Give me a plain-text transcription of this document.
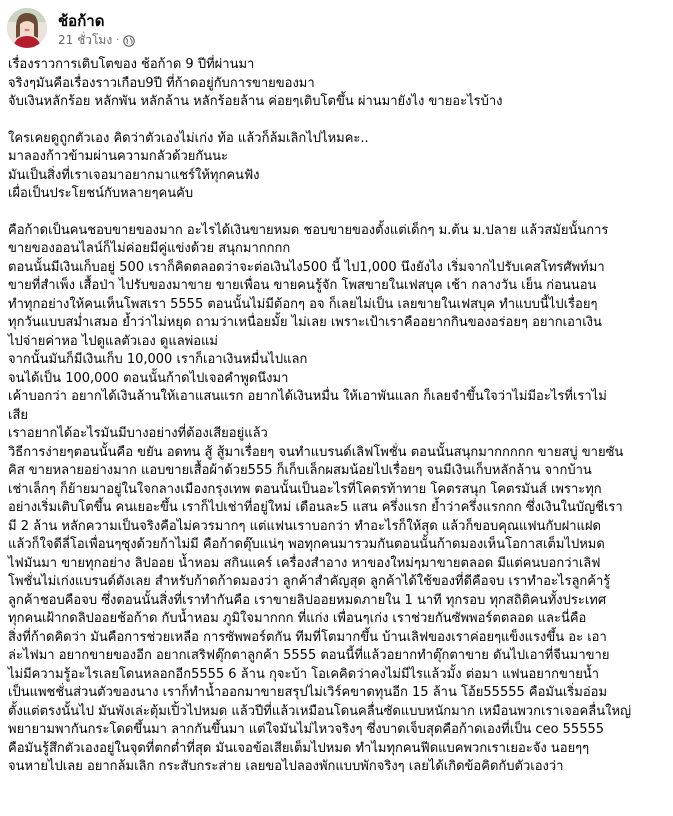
ช้อก้าด
21 ชั่วโมง ·

เรื่องราวการเติบโตของ ช้อก้าด 9 ปีที่ผ่านมา
จริงๆมันคือเรื่องราวเกือบ9ปี ที่ก้าดอยู่กับการขายของมา
จับเงินหลักร้อย หลักพัน หลักล้าน หลักร้อยล้าน ค่อยๆเติบโตขึ้น ผ่านมายังไง ขายอะไรบ้าง

ใครเคยดูถูกตัวเอง คิดว่าตัวเองไม่เก่ง ท้อ แล้วก็ล้มเลิกไปไหมคะ..
มาลองก้าวข้ามผ่านความกลัวด้วยกันนะ
มันเป็นสิ่งที่เราเจอมาอยากมาแชร์ให้ทุกคนฟัง
เผื่อเป็นประโยชน์กับหลายๆคนคับ

คือก้าดเป็นคนชอบขายของมาก อะไรได้เงินขายหมด ชอบขายของตั้งแต่เด็กๆ ม.ต้น ม.ปลาย แล้วสมัยนั้นการ
ขายของออนไลน์ก็ไม่ค่อยมีคู่แข่งด้วย สนุกมากกกก
ตอนนั้นมีเงินเก็บอยู่ 500 เราก็คิดตลอดว่าจะต่อเงินไง500 นี้ ไป1,000 นึงยังไง เริ่มจากไปรับเคสโทรศัพท์มา
ขายที่สำเพ็ง เสื้อป่า ไปรับของมาขาย ขายเพื่อน ขายคนรู้จัก โพสขายในเฟสบุค เช้า กลางวัน เย็น ก่อนนอน
ทำทุกอย่างให้คนเห็นโพสเรา 5555 ตอนนั้นไม่มีต้อกๆ อจ ก็เลยไม่เป็น เลยขายในเฟสบุค ทำแบบนี้ไปเรื่อยๆ
ทุกวันแบบสม่ำเสมอ ย้ำว่าไม่หยุด ถามว่าเหนื่อยมั้ย ไม่เลย เพราะเป้าเราคืออยากกินของอร่อยๆ อยากเอาเงิน
ไปจ่ายค่าหอ ไปดูแลตัวเอง ดูแลพ่อแม่
จากนั้นมันก็มีเงินเก็บ 10,000 เราก็เอาเงินหมื่นไปแลก
จนได้เป็น 100,000 ตอนนั้นก้าดไปเจอคำพูดนึงมา
เค้าบอกว่า อยากได้เงินล้านให้เอาแสนแรก อยากได้เงินหมื่น ให้เอาพันแลก ก็เลยจำขึ้นใจว่าไม่มีอะไรที่เราไม่
เสีย
เราอยากได้อะไรมันมีบางอย่างที่ต้องเสียอยู่แล้ว
วิธีการง่ายๆตอนนั้นคือ ขยัน อดทน สู้ สู้มาเรื่อยๆ จนทำแบรนด์เลิฟโพชั่น ตอนนั้นสนุกมากกกกก ขายสบู่ ขายซัน
คิส ขายหลายอย่างมาก แอบขายเสื้อผ้าด้วย555 ก็เก็บเล็กผสมน้อยไปเรื่อยๆ จนมีเงินเก็บหลักล้าน จากบ้าน
เช่าเล็กๆ ก็ย้ายมาอยู่ในใจกลางเมืองกรุงเทพ ตอนนั้นเป็นอะไรที่โคตรท้าทาย โคตรสนุก โคตรมันส์ เพราะทุก
อย่างเริ่มเติบโตขึ้น คนเยอะขึ้น เราก็ไปเช่าที่อยู่ใหม่ เดือนละ5 แสน ครึ่งแรก ย้ำว่าครึ่งแรกกก ซึ่งเงินในบัญชีเรา
มี 2 ล้าน หลักความเป็นจริงคือไม่ควรมากๆ แต่แฟนเราบอกว่า ทำอะไรก็ให้สุด แล้วก็ขอบคุณแฟนกับฝาแฝด
แล้วก็ใจดีลี่โอเพื่อนๆซุงด้วยก้าไม่มี คือก้าดตุ๊บแน่ๆ พอทุกคนมารวมกันตอนนั้นก้าดมองเห็นโอกาสเต็มไปหมด
ไฟมันมา ขายทุกอย่าง ลิปออย น้ำหอม สกินแคร์ เครื่องสำอาง หาของใหม่ๆมาขายตลอด มีแต่คนบอกว่าเลิฟ
โพชั่นไม่เก่งแบรนด์ดังเลย สำหรับก้าดก้าดมองว่า ลูกค้าสำคัญสุด ลูกค้าได้ใช้ของที่ดีคือจบ เราทำอะไรลูกค้ารู้
ลูกค้าชอบคือจบ ซึ่งตอนนั้นสิ่งที่เราทำกันคือ เราขายลิปออยหมดภายใน 1 นาที ทุกรอบ ทุกสถิติคนทั้งประเทศ
ทุกคนเฝ้ากดลิปออยช้อก้าด กับน้ำหอม ภูมิใจมากกก ที่แก่ง เพื่อนๆเก่ง เราช่วยกันซัพพอร์ตตลอด และนี่คือ
สิ่งที่ก้าดคิดว่า มันคือการช่วยเหลือ การซัพพอร์ตกัน ทีมที่โตมากขึ้น บ้านเลิฟของเราค่อยๆแข็งแรงขึ้น อะ เอา
ล่ะไฟมา อยากขายของอีก อยากเสริฟตุ๊กตาลูกค้า 5555 ตอนนี้ที่แล้วอยากทำตุ๊กตาขาย ดันไปเอาที่จีนมาขาย
ไม่มีความรู้อะไรเลยโดนหลอกอีก5555 6 ล้าน กุจะบ้า โอเคคิดว่าคงไม่มีไรแล้วมั้ง ต่อมา แฟนอยากขายน้ำ
เป็นแพชชั่นส่วนตัวของนาง เราก็ทำน้ำออกมาขายสรุปไม่เวิร์คขาดทุนอีก 15 ล้าน โอ้ย55555 คือมันเริ่มอ่อม
ตั้งแต่ตรงนั้นไป มันพังเล่ะตุ้มเปิ้วไปหมด แล้วปีที่แล้วเหมือนโดนคลื่นซัดแบบหนักมาก เหมือนพวกเราเจอคลื่นใหญ่
พยายามพากันกระโดดขึ้นมา ลากกันขึ้นมา แต่ใจมันไม่ไหวจริงๆ ซึ่งบาดเจ็บสุดคือก้าดเองที่เป็น ceo 55555
คือมันรู้สึกตัวเองอยู่ในจุดที่ตกต่ำที่สุด มันเจอข้อเสียเต็มไปหมด ทำไมทุกคนฟีดแบคพวกเราเยอะจัง นอยๆๆ
จนหายไปเลย อยากล้มเลิก กระสับกระส่าย เลยขอไปลองพักแบบพักจริงๆ เลยได้เกิดข้อคิดกับตัวเองว่า
